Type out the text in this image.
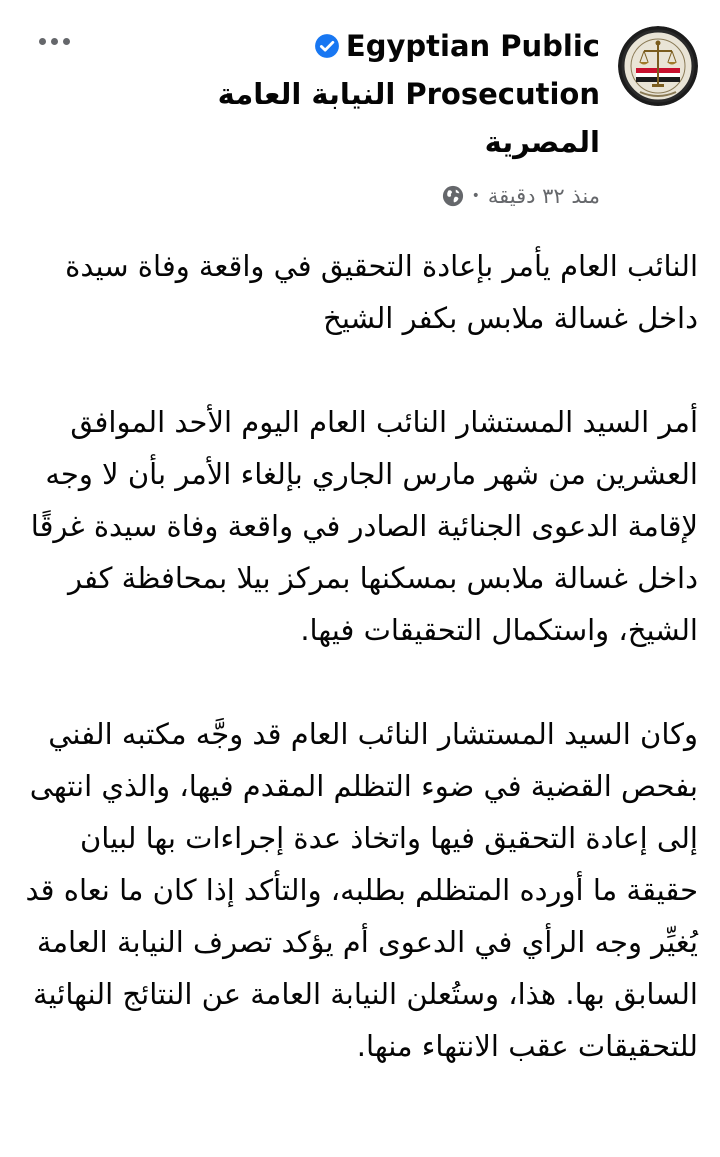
Egyptian Public
Prosecution النيابة العامة
المصرية
منذ ٣٢ دقيقة
•

النائب العام يأمر بإعادة التحقيق في واقعة وفاة سيدة داخل غسالة ملابس بكفر الشيخ

أمر السيد المستشار النائب العام اليوم الأحد الموافق العشرين من شهر مارس الجاري بإلغاء الأمر بأن لا وجه لإقامة الدعوى الجنائية الصادر في واقعة وفاة سيدة غرقًا داخل غسالة ملابس بمسكنها بمركز بيلا بمحافظة كفر الشيخ، واستكمال التحقيقات فيها.

وكان السيد المستشار النائب العام قد وجَّه مكتبه الفني بفحص القضية في ضوء التظلم المقدم فيها، والذي انتهى إلى إعادة التحقيق فيها واتخاذ عدة إجراءات بها لبيان حقيقة ما أورده المتظلم بطلبه، والتأكد إذا كان ما نعاه قد يُغيِّر وجه الرأي في الدعوى أم يؤكد تصرف النيابة العامة السابق بها. هذا، وستُعلن النيابة العامة عن النتائج النهائية للتحقيقات عقب الانتهاء منها.
